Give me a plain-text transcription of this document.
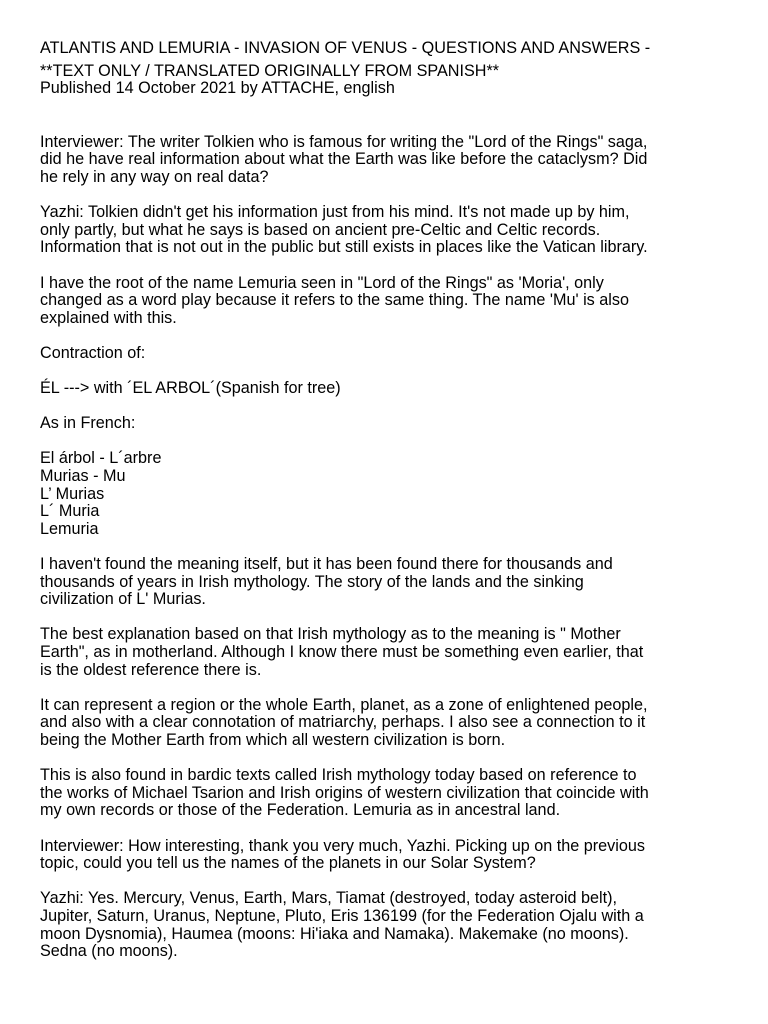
ATLANTIS AND LEMURIA - INVASION OF VENUS - QUESTIONS AND ANSWERS -

**TEXT ONLY / TRANSLATED ORIGINALLY FROM SPANISH**

Published 14 October 2021 by ATTACHE, english

Interviewer: The writer Tolkien who is famous for writing the "Lord of the Rings" saga,
did he have real information about what the Earth was like before the cataclysm? Did
he rely in any way on real data?

Yazhi: Tolkien didn't get his information just from his mind. It's not made up by him,
only partly, but what he says is based on ancient pre-Celtic and Celtic records.
Information that is not out in the public but still exists in places like the Vatican library.

I have the root of the name Lemuria seen in "Lord of the Rings" as 'Moria', only
changed as a word play because it refers to the same thing. The name 'Mu' is also
explained with this.

Contraction of:

ÉL ---> with ´EL ARBOL´(Spanish for tree)

As in French:

El árbol - L´arbre
Murias - Mu
L’ Murias
L´ Muria
Lemuria

I haven't found the meaning itself, but it has been found there for thousands and
thousands of years in Irish mythology. The story of the lands and the sinking
civilization of L' Murias.

The best explanation based on that Irish mythology as to the meaning is " Mother
Earth", as in motherland. Although I know there must be something even earlier, that
is the oldest reference there is.

It can represent a region or the whole Earth, planet, as a zone of enlightened people,
and also with a clear connotation of matriarchy, perhaps. I also see a connection to it
being the Mother Earth from which all western civilization is born.

This is also found in bardic texts called Irish mythology today based on reference to
the works of Michael Tsarion and Irish origins of western civilization that coincide with
my own records or those of the Federation. Lemuria as in ancestral land.

Interviewer: How interesting, thank you very much, Yazhi. Picking up on the previous
topic, could you tell us the names of the planets in our Solar System?

Yazhi: Yes. Mercury, Venus, Earth, Mars, Tiamat (destroyed, today asteroid belt),
Jupiter, Saturn, Uranus, Neptune, Pluto, Eris 136199 (for the Federation Ojalu with a
moon Dysnomia), Haumea (moons: Hi'iaka and Namaka). Makemake (no moons).
Sedna (no moons).
